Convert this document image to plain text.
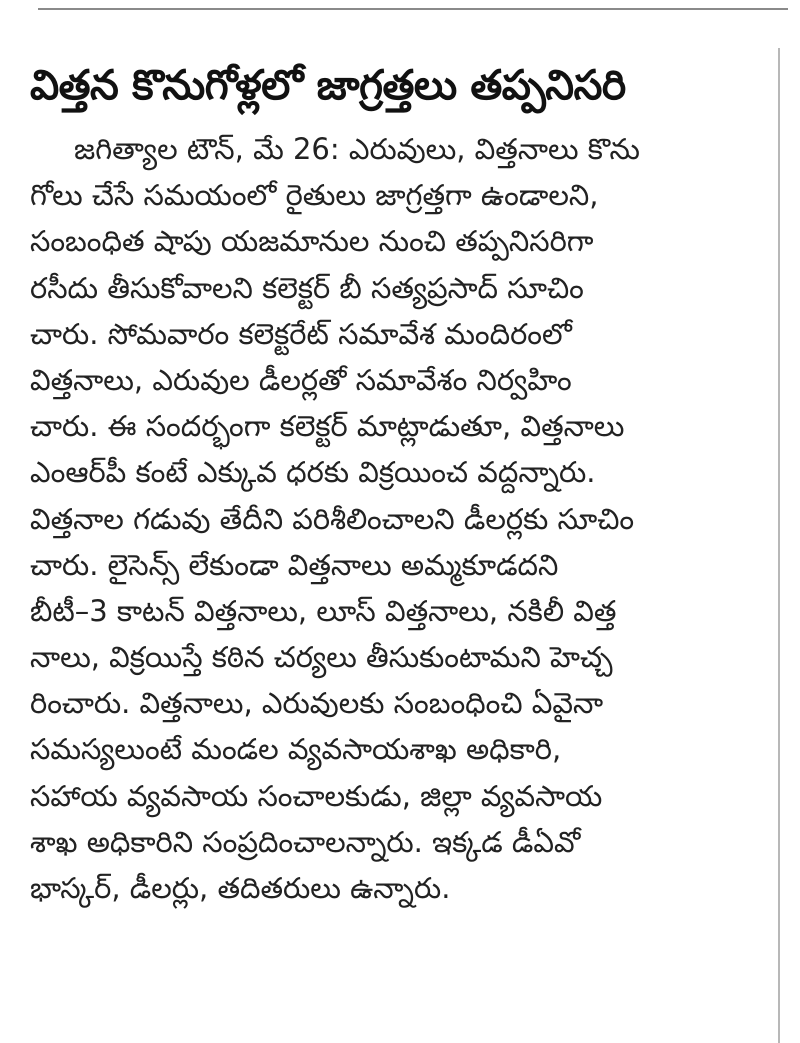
విత్తన కొనుగోళ్లలో జాగ్రత్తలు తప్పనిసరి
జగిత్యాల టౌన్, మే 26: ఎరువులు, విత్తనాలు కొను
గోలు చేసే సమయంలో రైతులు జాగ్రత్తగా ఉండాలని,
సంబంధిత షాపు యజమానుల నుంచి తప్పనిసరిగా
రసీదు తీసుకోవాలని కలెక్టర్ బీ సత్యప్రసాద్ సూచిం
చారు. సోమవారం కలెక్టరేట్ సమావేశ మందిరంలో
విత్తనాలు, ఎరువుల డీలర్లతో సమావేశం నిర్వహిం
చారు. ఈ సందర్భంగా కలెక్టర్ మాట్లాడుతూ, విత్తనాలు
ఎంఆర్‌పీ కంటే ఎక్కువ ధరకు విక్రయించ వద్దన్నారు.
విత్తనాల గడువు తేదీని పరిశీలించాలని డీలర్లకు సూచిం
చారు. లైసెన్స్ లేకుండా విత్తనాలు అమ్మకూడదని
బీటీ–3 కాటన్ విత్తనాలు, లూస్ విత్తనాలు, నకిలీ విత్త
నాలు, విక్రయిస్తే కఠిన చర్యలు తీసుకుంటామని హెచ్చ
రించారు. విత్తనాలు, ఎరువులకు సంబంధించి ఏవైనా
సమస్యలుంటే మండల వ్యవసాయశాఖ అధికారి,
సహాయ వ్యవసాయ సంచాలకుడు, జిల్లా వ్యవసాయ
శాఖ అధికారిని సంప్రదించాలన్నారు. ఇక్కడ డీఏవో
భాస్కర్, డీలర్లు, తదితరులు ఉన్నారు.
